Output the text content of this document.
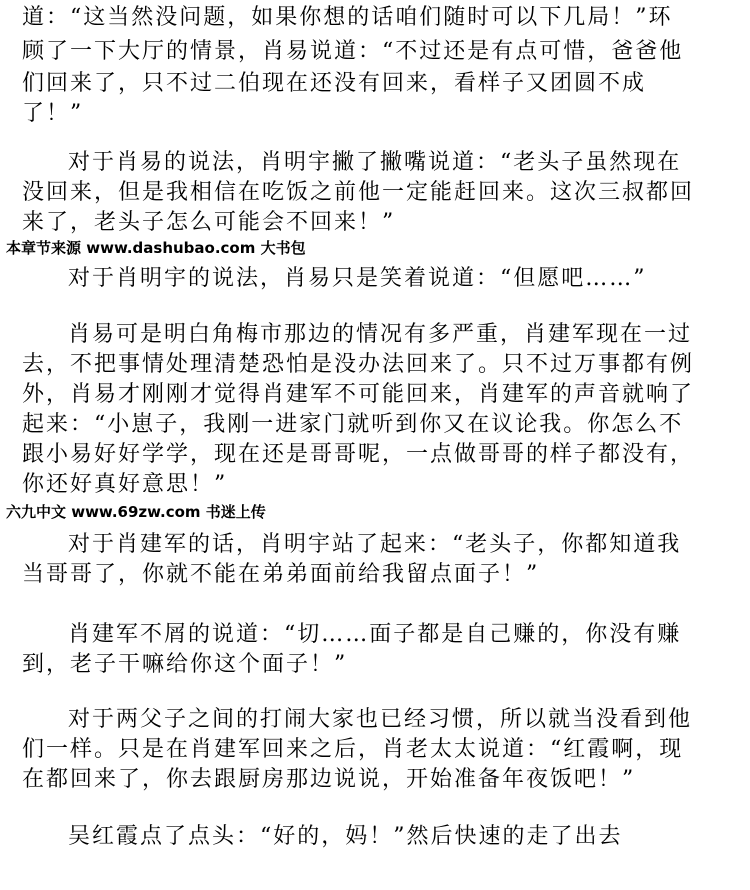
道：“这当然没问题，如果你想的话咱们随时可以下几局！”环
顾了一下大厅的情景，肖易说道：“不过还是有点可惜，爸爸他
们回来了，只不过二伯现在还没有回来，看样子又团圆不成
了！”
对于肖易的说法，肖明宇撇了撇嘴说道：“老头子虽然现在
没回来，但是我相信在吃饭之前他一定能赶回来。这次三叔都回
来了，老头子怎么可能会不回来！”
本章节来源 www.dashubao.com 大书包
对于肖明宇的说法，肖易只是笑着说道：“但愿吧……”
肖易可是明白角梅市那边的情况有多严重，肖建军现在一过
去，不把事情处理清楚恐怕是没办法回来了。只不过万事都有例
外，肖易才刚刚才觉得肖建军不可能回来，肖建军的声音就响了
起来：“小崽子，我刚一进家门就听到你又在议论我。你怎么不
跟小易好好学学，现在还是哥哥呢，一点做哥哥的样子都没有，
你还好真好意思！”
六九中文 www.69zw.com 书迷上传
对于肖建军的话，肖明宇站了起来：“老头子，你都知道我
当哥哥了，你就不能在弟弟面前给我留点面子！”
肖建军不屑的说道：“切……面子都是自己赚的，你没有赚
到，老子干嘛给你这个面子！”
对于两父子之间的打闹大家也已经习惯，所以就当没看到他
们一样。只是在肖建军回来之后，肖老太太说道：“红霞啊，现
在都回来了，你去跟厨房那边说说，开始准备年夜饭吧！”
吴红霞点了点头：“好的，妈！”然后快速的走了出去
